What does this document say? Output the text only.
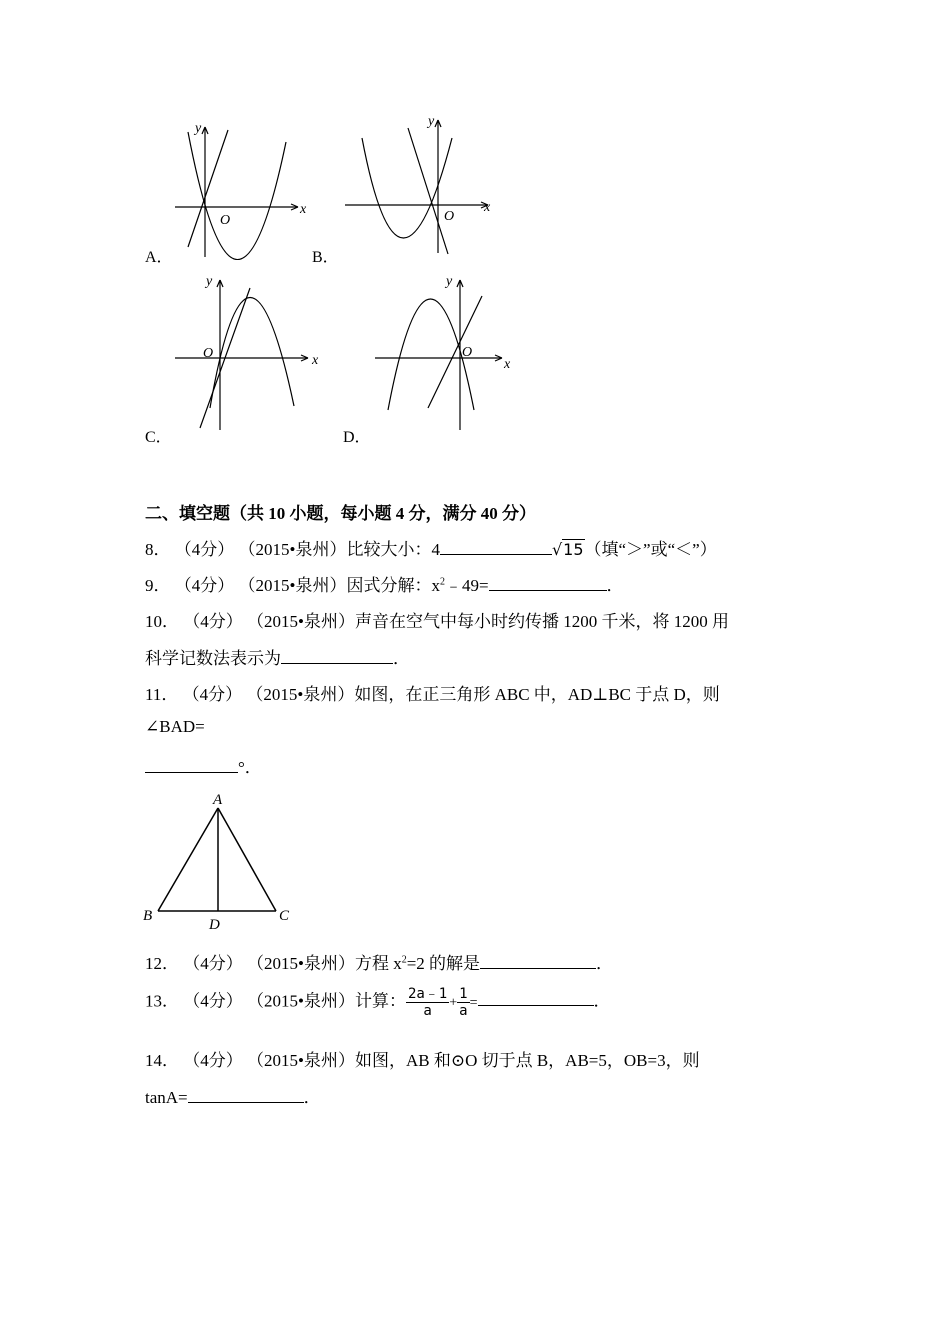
x
y
O
A．
x
y
O
B．
x
y
O
C．
x
y
O
D．
二、填空题（共 10 小题，每小题 4 分，满分 40 分）
8． （4分） （2015•泉州）比较大小：4	√15（填“＞”或“＜”）
9． （4分） （2015•泉州）因式分解：$x^2﹣49=$	．
10． （4分） （2015•泉州）声音在空气中每小时约传播 1200 千米，将 1200 用
科学记数法表示为	．
11． （4分） （2015•泉州）如图，在正三角形 ABC 中，AD⊥BC 于点 D，则
∠BAD=
°．
A
B	C
D
12． （4分） （2015•泉州）方程 $x^2=2$ 的解是	．
13． （4分） （2015•泉州）计算： $\frac{2a﹣1}{a} + \frac{1}{a}$ =	．
14． （4分） （2015•泉州）如图，AB 和⊙O 切于点 B，AB=5，OB=3，则
tanA=	．
